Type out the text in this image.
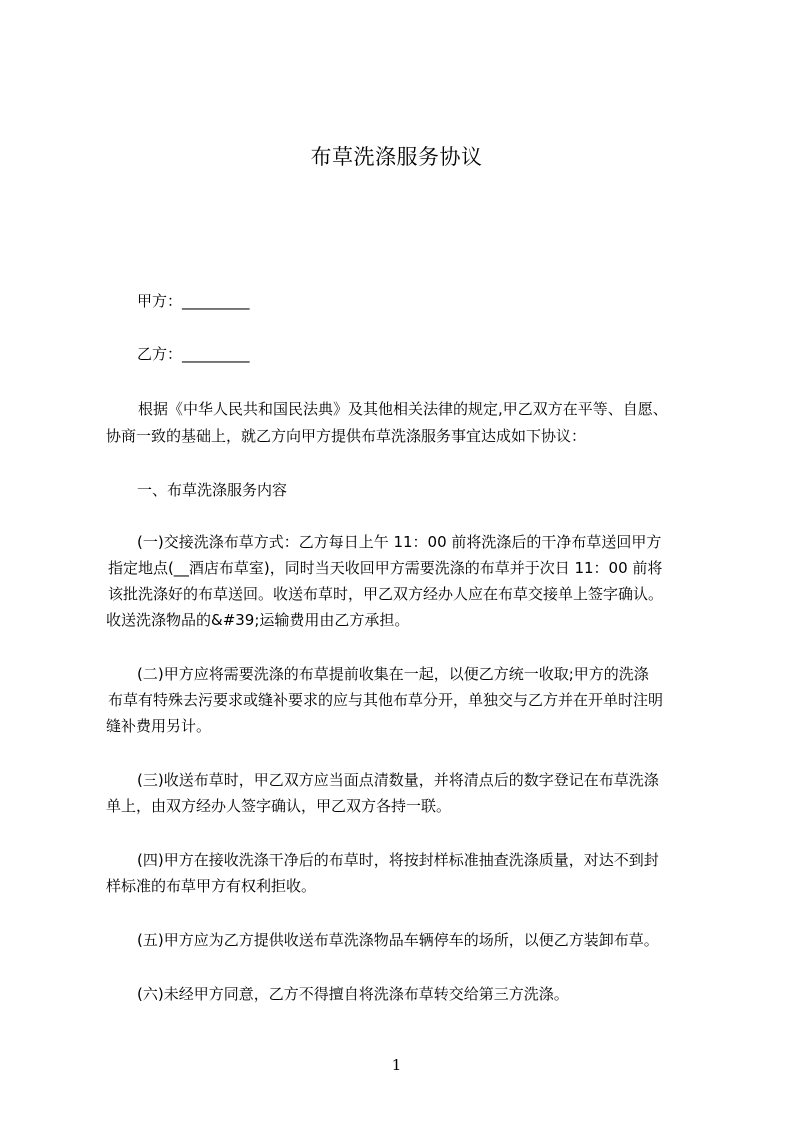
布草洗涤服务协议
甲方：_________
乙方：_________
根据《中华人民共和国民法典》及其他相关法律的规定,甲乙双方在平等、自愿、
协商一致的基础上，就乙方向甲方提供布草洗涤服务事宜达成如下协议：
一、布草洗涤服务内容
(一)交接洗涤布草方式：乙方每日上午 11：00 前将洗涤后的干净布草送回甲方
指定地点(__酒店布草室)，同时当天收回甲方需要洗涤的布草并于次日 11：00 前将
该批洗涤好的布草送回。收送布草时，甲乙双方经办人应在布草交接单上签字确认。
收送洗涤物品的&#39;运输费用由乙方承担。
(二)甲方应将需要洗涤的布草提前收集在一起，以便乙方统一收取;甲方的洗涤
布草有特殊去污要求或缝补要求的应与其他布草分开，单独交与乙方并在开单时注明
缝补费用另计。
(三)收送布草时，甲乙双方应当面点清数量，并将清点后的数字登记在布草洗涤
单上，由双方经办人签字确认，甲乙双方各持一联。
(四)甲方在接收洗涤干净后的布草时，将按封样标准抽查洗涤质量，对达不到封
样标准的布草甲方有权利拒收。
(五)甲方应为乙方提供收送布草洗涤物品车辆停车的场所，以便乙方装卸布草。
(六)未经甲方同意，乙方不得擅自将洗涤布草转交给第三方洗涤。
1
